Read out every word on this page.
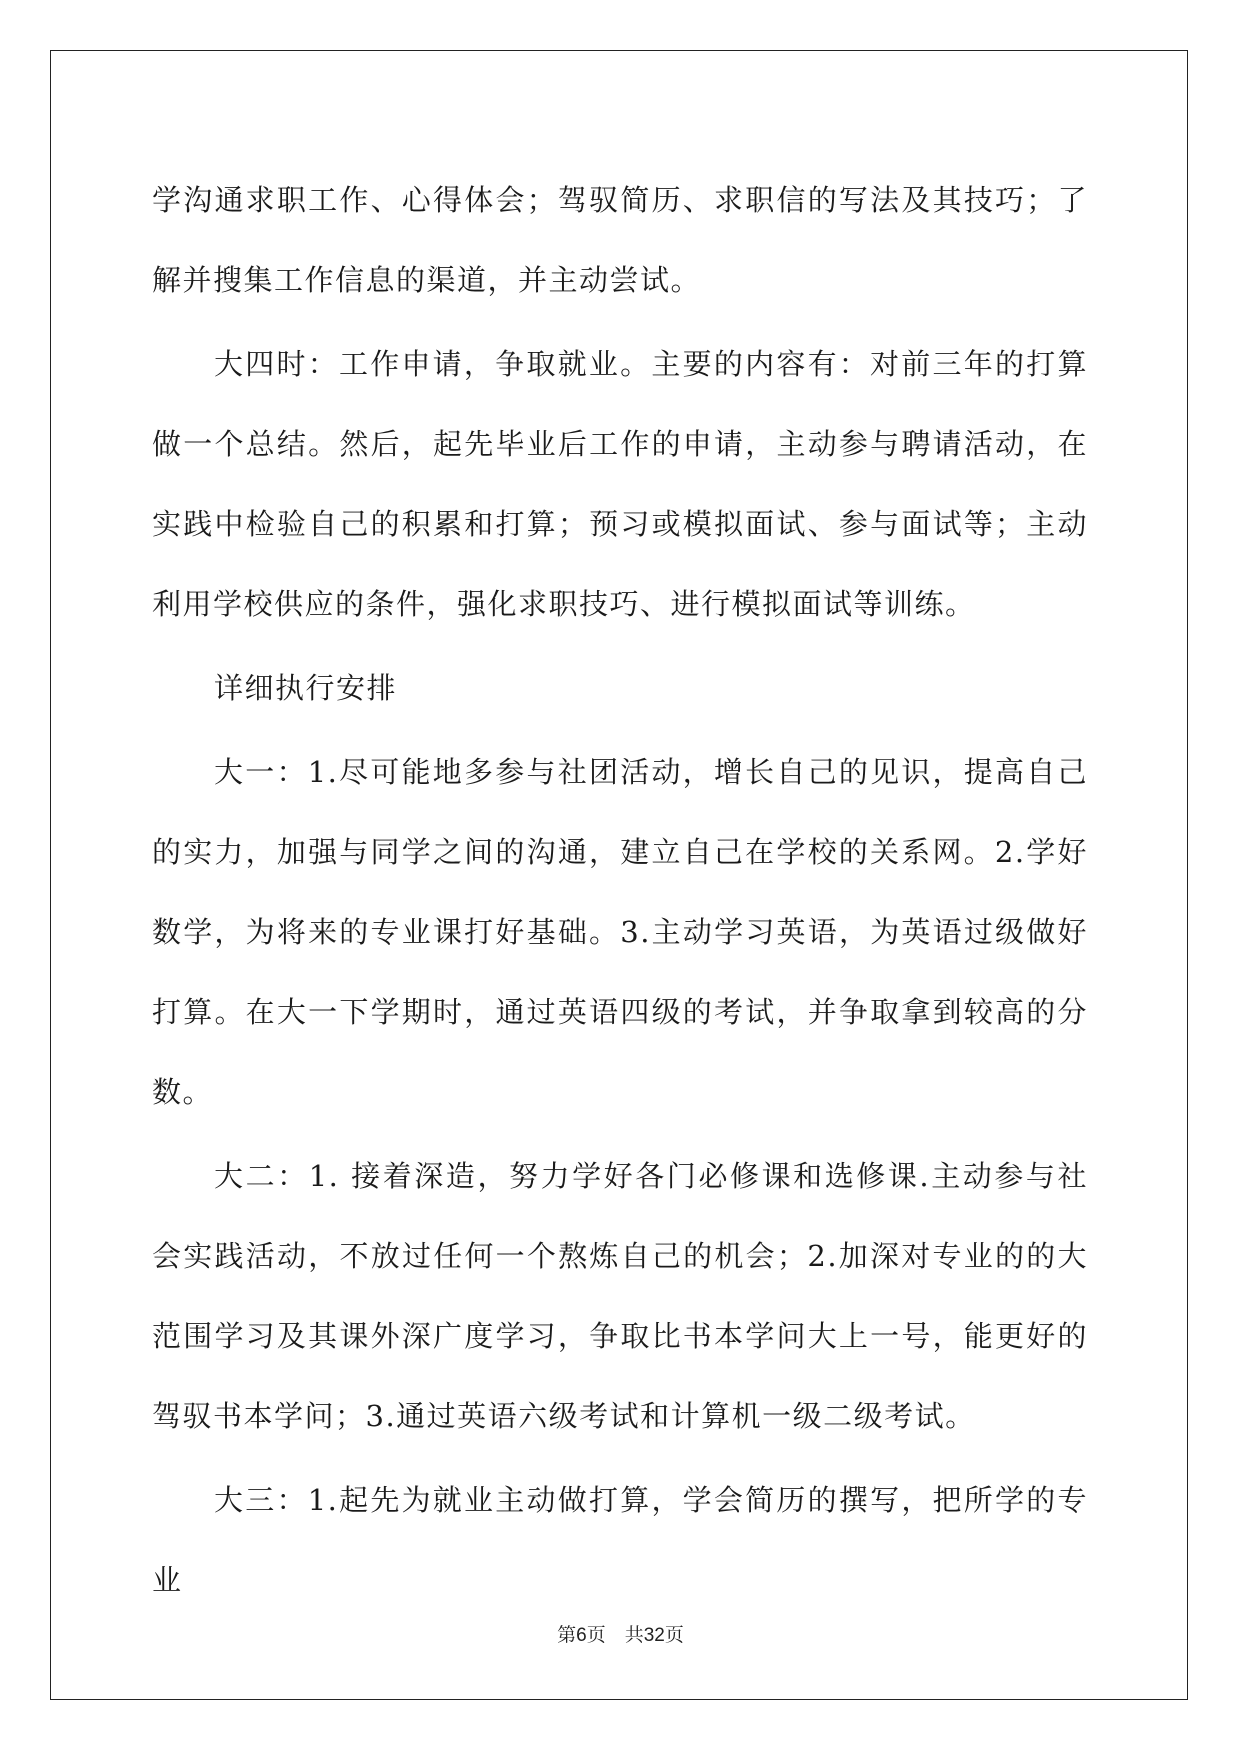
学沟通求职工作、心得体会；驾驭简历、求职信的写法及其技巧；了解并搜集工作信息的渠道，并主动尝试。

大四时：工作申请，争取就业。主要的内容有：对前三年的打算做一个总结。然后，起先毕业后工作的申请，主动参与聘请活动，在实践中检验自己的积累和打算；预习或模拟面试、参与面试等；主动利用学校供应的条件，强化求职技巧、进行模拟面试等训练。

详细执行安排

大一：1.尽可能地多参与社团活动，增长自己的见识，提高自己的实力，加强与同学之间的沟通，建立自己在学校的关系网。2.学好数学，为将来的专业课打好基础。3.主动学习英语，为英语过级做好打算。在大一下学期时，通过英语四级的考试，并争取拿到较高的分数。

大二：1. 接着深造，努力学好各门必修课和选修课.主动参与社会实践活动，不放过任何一个熬炼自己的机会；2.加深对专业的的大范围学习及其课外深广度学习，争取比书本学问大上一号，能更好的驾驭书本学问；3.通过英语六级考试和计算机一级二级考试。

大三：1.起先为就业主动做打算，学会简历的撰写，把所学的专业

第6页　共32页
